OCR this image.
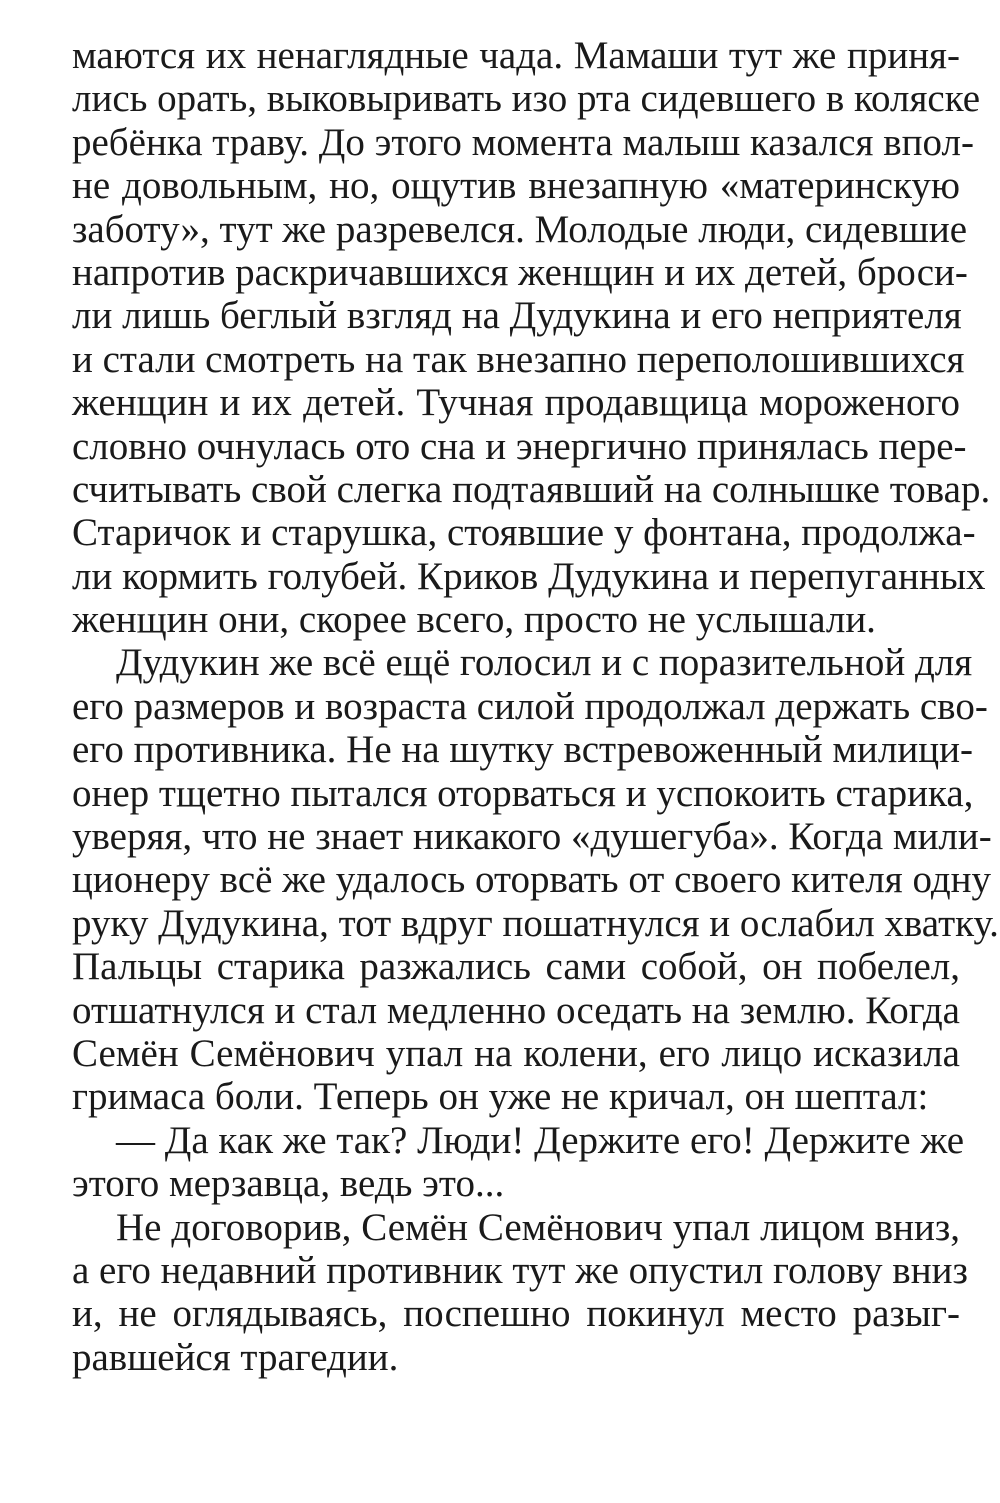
маются их ненаглядные чада. Мамаши тут же приня-
лись орать, выковыривать изо рта сидевшего в коляске
ребёнка траву. До этого момента малыш казался впол-
не довольным, но, ощутив внезапную «материнскую
заботу», тут же разревелся. Молодые люди, сидевшие
напротив раскричавшихся женщин и их детей, броси-
ли лишь беглый взгляд на Дудукина и его неприятеля
и стали смотреть на так внезапно переполошившихся
женщин и их детей. Тучная продавщица мороженого
словно очнулась ото сна и энергично принялась пере-
считывать свой слегка подтаявший на солнышке товар.
Старичок и старушка, стоявшие у фонтана, продолжа-
ли кормить голубей. Криков Дудукина и перепуганных
женщин они, скорее всего, просто не услышали.
Дудукин же всё ещё голосил и с поразительной для
его размеров и возраста силой продолжал держать сво-
его противника. Не на шутку встревоженный милици-
онер тщетно пытался оторваться и успокоить старика,
уверяя, что не знает никакого «душегуба». Когда мили-
ционеру всё же удалось оторвать от своего кителя одну
руку Дудукина, тот вдруг пошатнулся и ослабил хватку.
Пальцы старика разжались сами собой, он побелел,
отшатнулся и стал медленно оседать на землю. Когда
Семён Семёнович упал на колени, его лицо исказила
гримаса боли. Теперь он уже не кричал, он шептал:
— Да как же так? Люди! Держите его! Держите же
этого мерзавца, ведь это...
Не договорив, Семён Семёнович упал лицом вниз,
а его недавний противник тут же опустил голову вниз
и, не оглядываясь, поспешно покинул место разыг-
равшейся трагедии.
